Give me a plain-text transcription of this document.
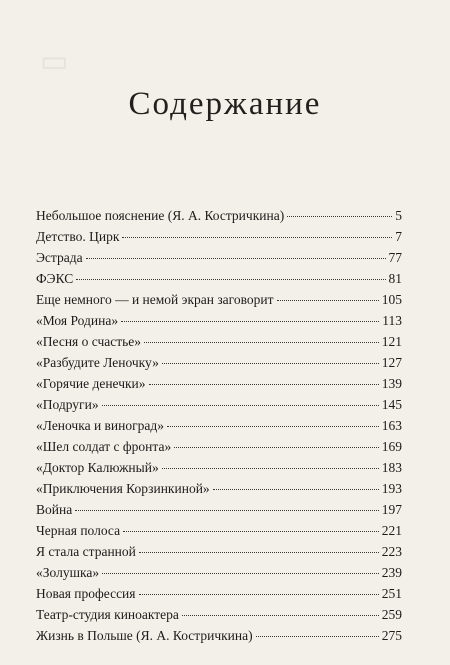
▭
Содержание
Небольшое пояснение (Я. А. Костричкина)	5
Детство. Цирк	7
Эстрада	77
ФЭКС	81
Еще немного — и немой экран заговорит	105
«Моя Родина»	113
«Песня о счастье»	121
«Разбудите Леночку»	127
«Горячие денечки»	139
«Подруги»	145
«Леночка и виноград»	163
«Шел солдат с фронта»	169
«Доктор Калюжный»	183
«Приключения Корзинкиной»	193
Война	197
Черная полоса	221
Я стала странной	223
«Золушка»	239
Новая профессия	251
Театр-студия киноактера	259
Жизнь в Польше (Я. А. Костричкина)	275
